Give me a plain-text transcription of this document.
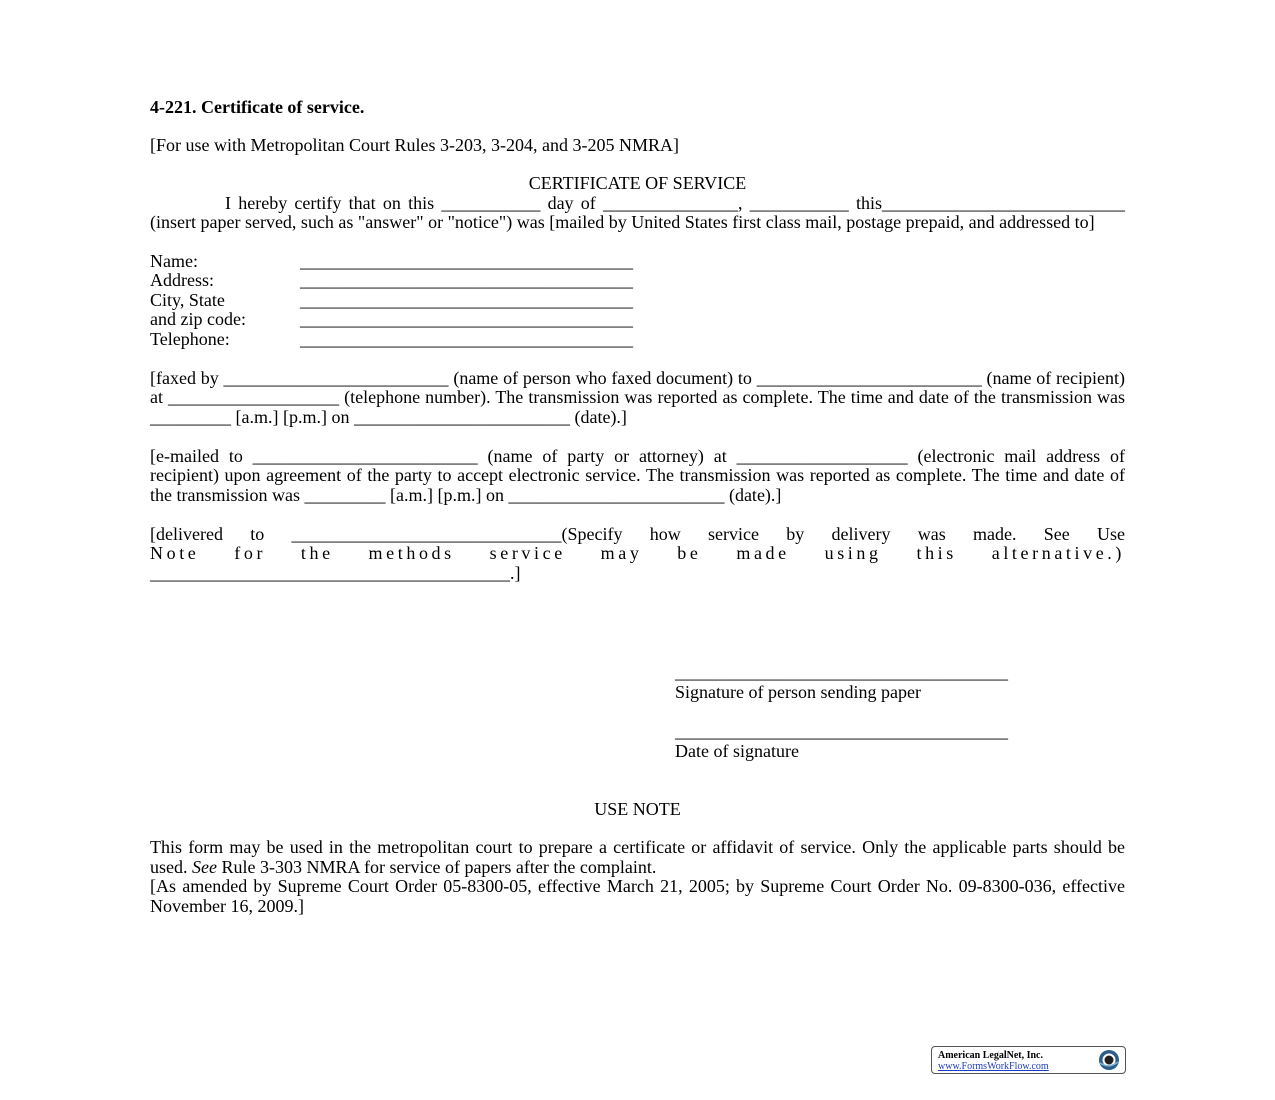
4-221. Certificate of service.

[For use with Metropolitan Court Rules 3-203, 3-204, and 3-205 NMRA]

CERTIFICATE OF SERVICE

I hereby certify that on this ___________ day of _______________, ___________ this___________________________ (insert paper served, such as "answer" or "notice") was [mailed by United States first class mail, postage prepaid, and addressed to]

Name:	_____________________________________
Address:	_____________________________________
City, State	_____________________________________
and zip code:	_____________________________________
Telephone:	_____________________________________

[faxed by _________________________ (name of person who faxed document) to _________________________ (name of recipient) at ___________________ (telephone number). The transmission was reported as complete. The time and date of the transmission was _________ [a.m.] [p.m.] on ________________________ (date).]

[e-mailed to _________________________ (name of party or attorney) at ___________________ (electronic mail address of recipient) upon agreement of the party to accept electronic service. The transmission was reported as complete. The time and date of the transmission was _________ [a.m.] [p.m.] on ________________________ (date).]

[delivered to ______________________________(Specify how service by delivery was made. See Use
Note for the methods service may be made using this alternative.)
________________________________________.]
_____________________________________
Signature of person sending paper
_____________________________________
Date of signature
USE NOTE

This form may be used in the metropolitan court to prepare a certificate or affidavit of service. Only the applicable parts should be used. See Rule 3-303 NMRA for service of papers after the complaint.

[As amended by Supreme Court Order 05-8300-05, effective March 21, 2005; by Supreme Court Order No. 09-8300-036, effective November 16, 2009.]

American LegalNet, Inc.
www.FormsWorkFlow.com
